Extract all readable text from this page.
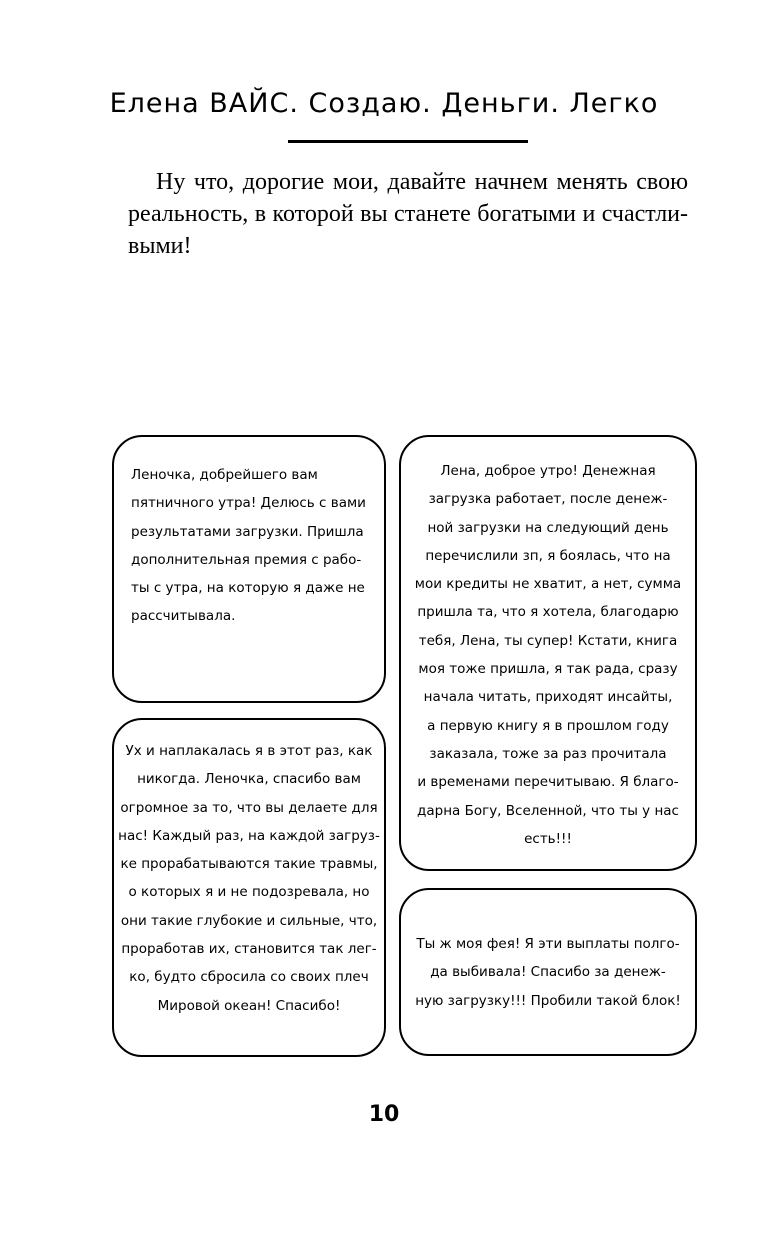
Елена ВАЙС. Создаю. Деньги. Легко
Ну что, дорогие мои, давайте начнем менять свою
реальность, в которой вы станете богатыми и счастли-
выми!
Леночка, добрейшего вам
пятничного утра! Делюсь с вами
результатами загрузки. Пришла
дополнительная премия с рабо-
ты с утра, на которую я даже не
рассчитывала.
Лена, доброе утро! Денежная
загрузка работает, после денеж-
ной загрузки на следующий день
перечислили зп, я боялась, что на
мои кредиты не хватит, а нет, сумма
пришла та, что я хотела, благодарю
тебя, Лена, ты супер! Кстати, книга
моя тоже пришла, я так рада, сразу
начала читать, приходят инсайты,
а первую книгу я в прошлом году
заказала, тоже за раз прочитала
и временами перечитываю. Я благо-
дарна Богу, Вселенной, что ты у нас
есть!!!
Ух и наплакалась я в этот раз, как
никогда. Леночка, спасибо вам
огромное за то, что вы делаете для
нас! Каждый раз, на каждой загруз-
ке прорабатываются такие травмы,
о которых я и не подозревала, но
они такие глубокие и сильные, что,
проработав их, становится так лег-
ко, будто сбросила со своих плеч
Мировой океан! Спасибо!
Ты ж моя фея! Я эти выплаты полго-
да выбивала! Спасибо за денеж-
ную загрузку!!! Пробили такой блок!
10
